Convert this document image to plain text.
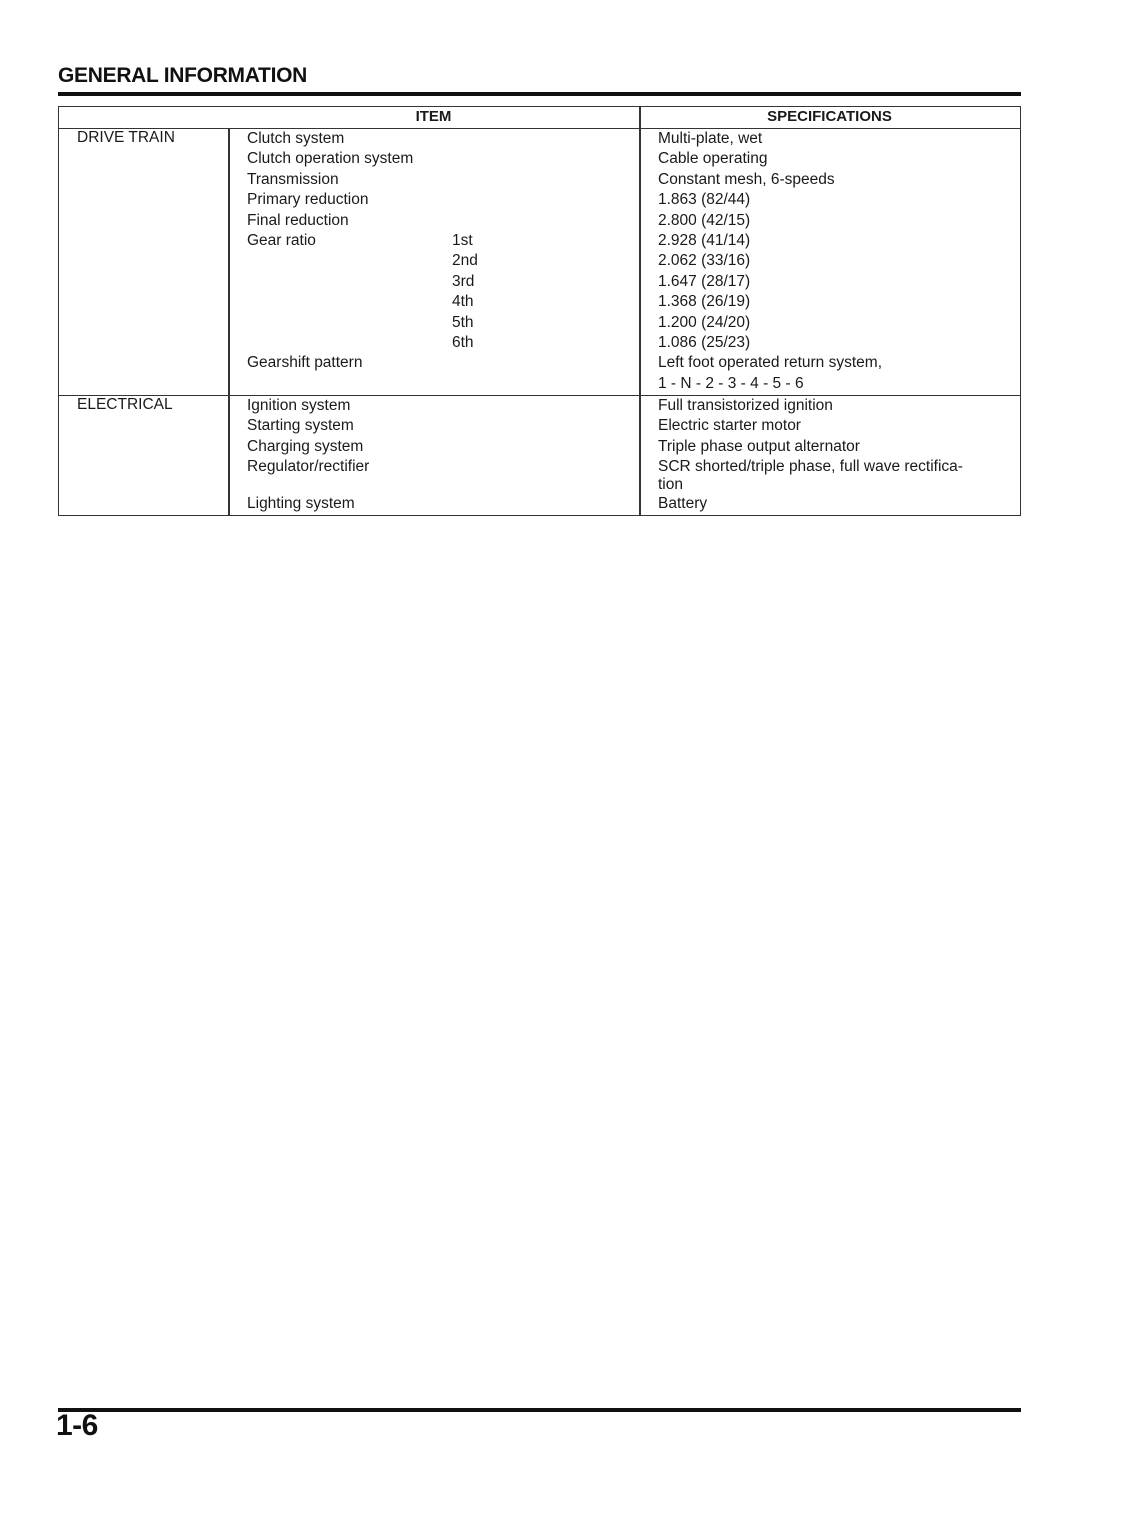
GENERAL INFORMATION
ITEM	SPECIFICATIONS
DRIVE TRAIN	Clutch system	Multi-plate, wet
Clutch operation system	Cable operating
Transmission	Constant mesh, 6-speeds
Primary reduction	1.863 (82/44)
Final reduction	2.800 (42/15)
Gear ratio	1st	2.928 (41/14)
2nd	2.062 (33/16)
3rd	1.647 (28/17)
4th	1.368 (26/19)
5th	1.200 (24/20)
6th	1.086 (25/23)
Gearshift pattern	Left foot operated return system,
1 - N - 2 - 3 - 4 - 5 - 6
ELECTRICAL	Ignition system	Full transistorized ignition
Starting system	Electric starter motor
Charging system	Triple phase output alternator
Regulator/rectifier	SCR shorted/triple phase, full wave rectifica-
tion
Lighting system	Battery
1-6
